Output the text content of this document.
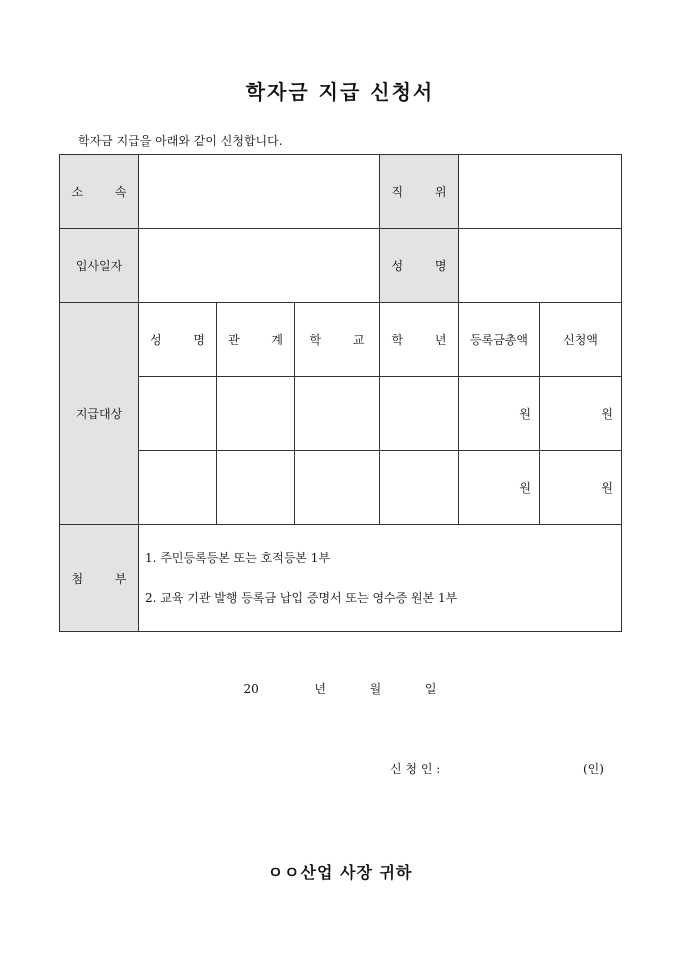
학자금 지급 신청서
학자금 지급을 아래와 같이 신청합니다.
소 속				직 위		
입사일자				성 명		
지급대상	성 명	관 계	학 교	학 년	등록금총액	신청액
					원	원
					원	원
첨 부	1. 주민등록등본 또는 호적등본 1부
2. 교육 기관 발행 등록금 납입 증명서 또는 영수증 원본 1부					
20	년	월	일
신 청 인 :	(인)
ㅇㅇ산업 사장 귀하
